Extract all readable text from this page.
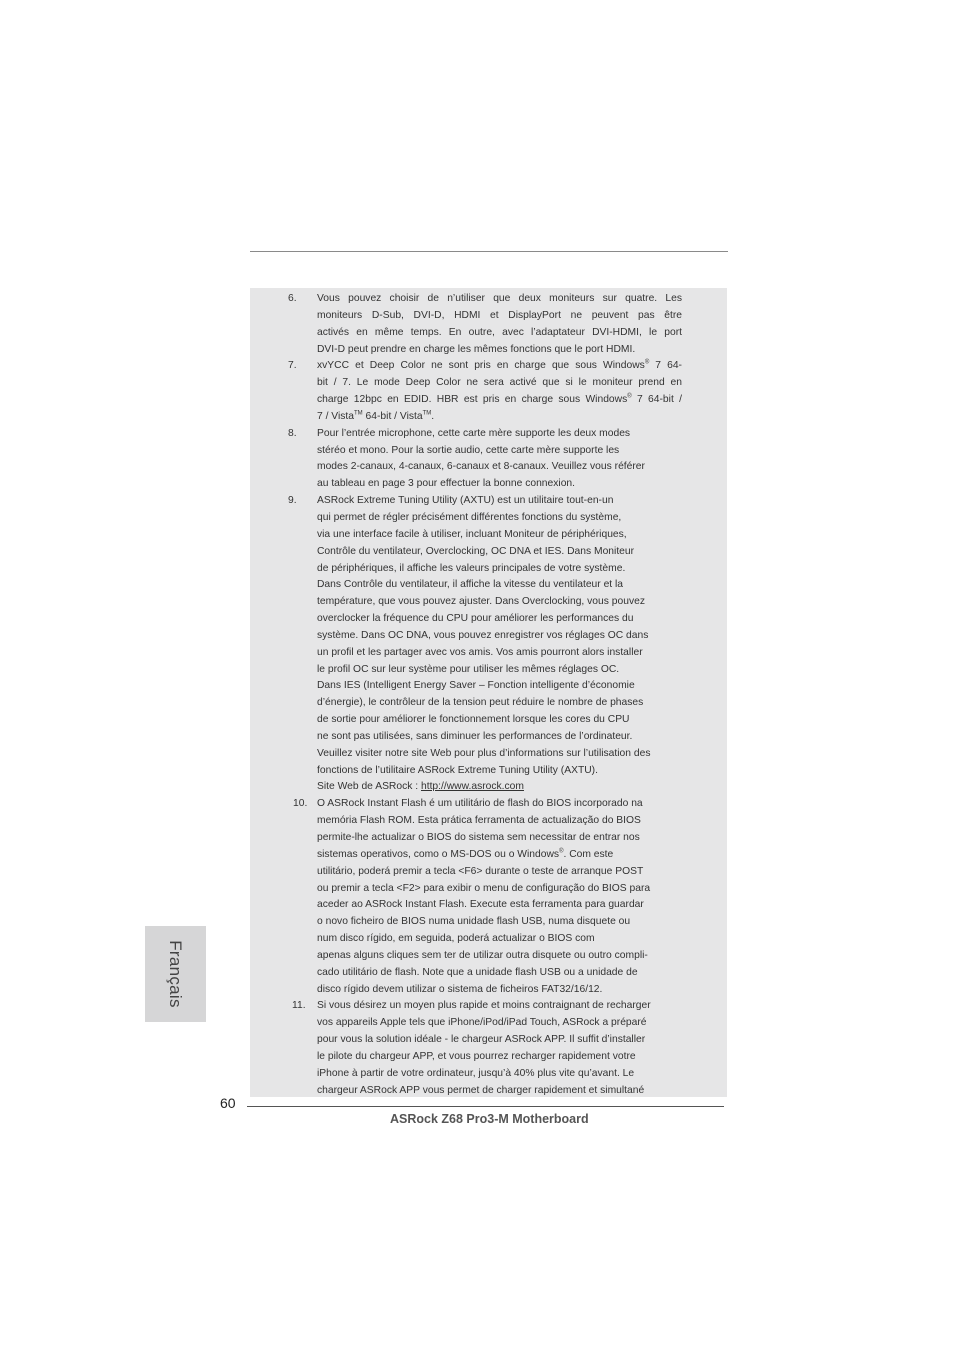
6.	Vous pouvez choisir de n’utiliser que deux moniteurs sur quatre. Les
moniteurs D-Sub, DVI-D, HDMI et DisplayPort ne peuvent pas être
activés en même temps. En outre, avec l’adaptateur DVI-HDMI, le port
DVI-D peut prendre en charge les mêmes fonctions que le port HDMI.
7.	xvYCC et Deep Color ne sont pris en charge que sous Windows® 7 64-
bit / 7. Le mode Deep Color ne sera activé que si le moniteur prend en
charge 12bpc en EDID. HBR est pris en charge sous Windows® 7 64-bit /
7 / Vista™ 64-bit / Vista™.
8.	Pour l’entrée microphone, cette carte mère supporte les deux modes
stéréo et mono. Pour la sortie audio, cette carte mère supporte les
modes 2-canaux, 4-canaux, 6-canaux et 8-canaux. Veuillez vous référer
au tableau en page 3 pour effectuer la bonne connexion.
9.	ASRock Extreme Tuning Utility (AXTU) est un utilitaire tout-en-un
qui permet de régler précisément différentes fonctions du système,
via une interface facile à utiliser, incluant Moniteur de périphériques,
Contrôle du ventilateur, Overclocking, OC DNA et IES. Dans Moniteur
de périphériques, il affiche les valeurs principales de votre système.
Dans Contrôle du ventilateur, il affiche la vitesse du ventilateur et la
température, que vous pouvez ajuster. Dans Overclocking, vous pouvez
overclocker la fréquence du CPU pour améliorer les performances du
système. Dans OC DNA, vous pouvez enregistrer vos réglages OC dans
un profil et les partager avec vos amis. Vos amis pourront alors installer
le profil OC sur leur système pour utiliser les mêmes réglages OC.
Dans IES (Intelligent Energy Saver – Fonction intelligente d’économie
d’énergie), le contrôleur de la tension peut réduire le nombre de phases
de sortie pour améliorer le fonctionnement lorsque les cores du CPU
ne sont pas utilisées, sans diminuer les performances de l’ordinateur.
Veuillez visiter notre site Web pour plus d’informations sur l’utilisation des
fonctions de l’utilitaire ASRock Extreme Tuning Utility (AXTU).
Site Web de ASRock : http://www.asrock.com
10. O ASRock Instant Flash é um utilitário de flash do BIOS incorporado na
memória Flash ROM. Esta prática ferramenta de actualização do BIOS
permite-lhe actualizar o BIOS do sistema sem necessitar de entrar nos
sistemas operativos, como o MS-DOS ou o Windows®. Com este
utilitário, poderá premir a tecla <F6> durante o teste de arranque POST
ou premir a tecla <F2> para exibir o menu de configuração do BIOS para
aceder ao ASRock Instant Flash. Execute esta ferramenta para guardar
o novo ficheiro de BIOS numa unidade flash USB, numa disquete ou
num disco rígido, em seguida, poderá actualizar o BIOS com
apenas alguns cliques sem ter de utilizar outra disquete ou outro compli-
cado utilitário de flash. Note que a unidade flash USB ou a unidade de
disco rígido devem utilizar o sistema de ficheiros FAT32/16/12.
11.	Si vous désirez un moyen plus rapide et moins contraignant de recharger
vos appareils Apple tels que iPhone/iPod/iPad Touch, ASRock a préparé
pour vous la solution idéale - le chargeur ASRock APP. Il suffit d’installer
le pilote du chargeur APP, et vous pourrez recharger rapidement votre
iPhone à partir de votre ordinateur, jusqu’à 40% plus vite qu’avant. Le
chargeur ASRock APP vous permet de charger rapidement et simultané
Français
60
ASRock Z68 Pro3-M Motherboard
